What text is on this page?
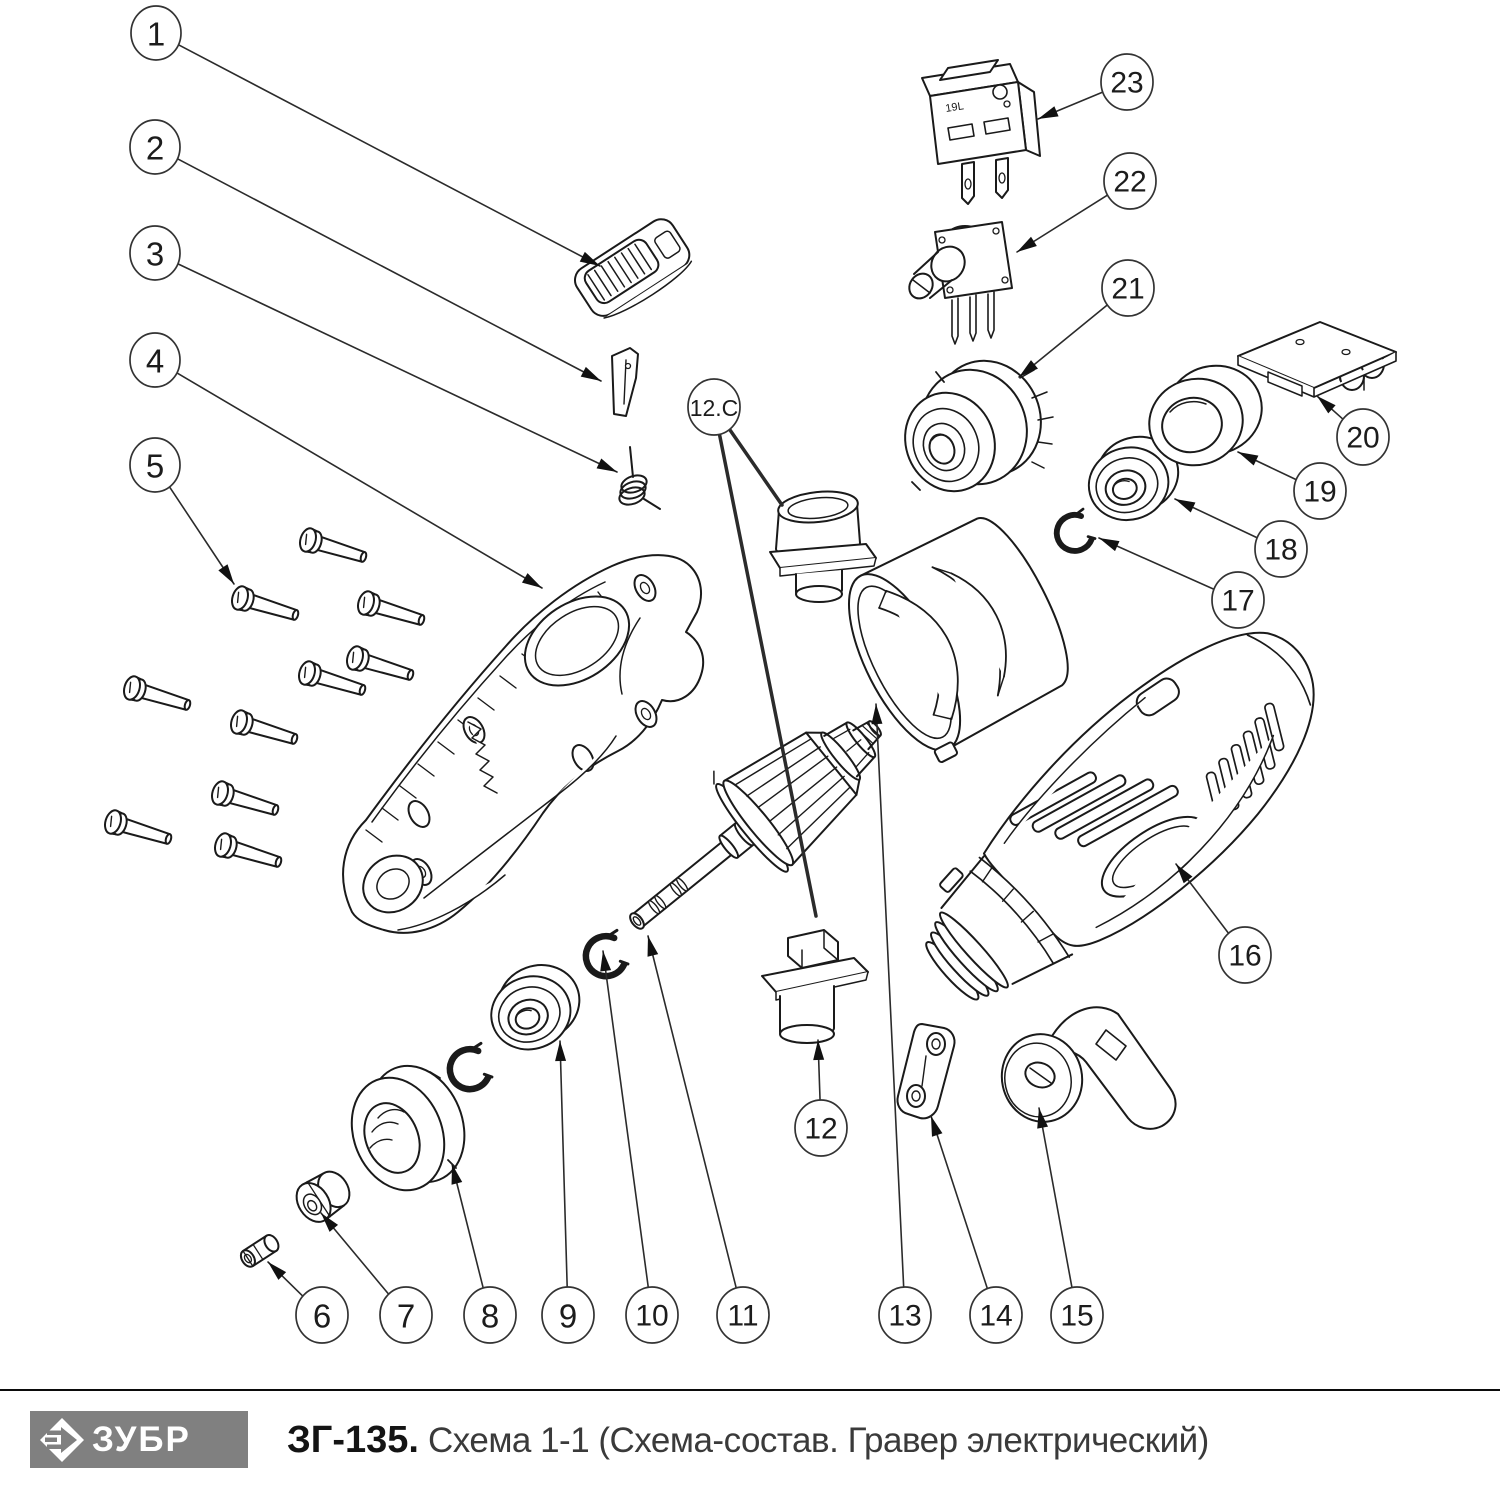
19L
1
2
3
4
5
6 7 8 9 10 11
12
12.C
13 14 15
16
17
18
19
20
21
22
23
ЗУБР	ЗГ-135. Схема 1-1 (Схема-состав. Гравер электрический)
